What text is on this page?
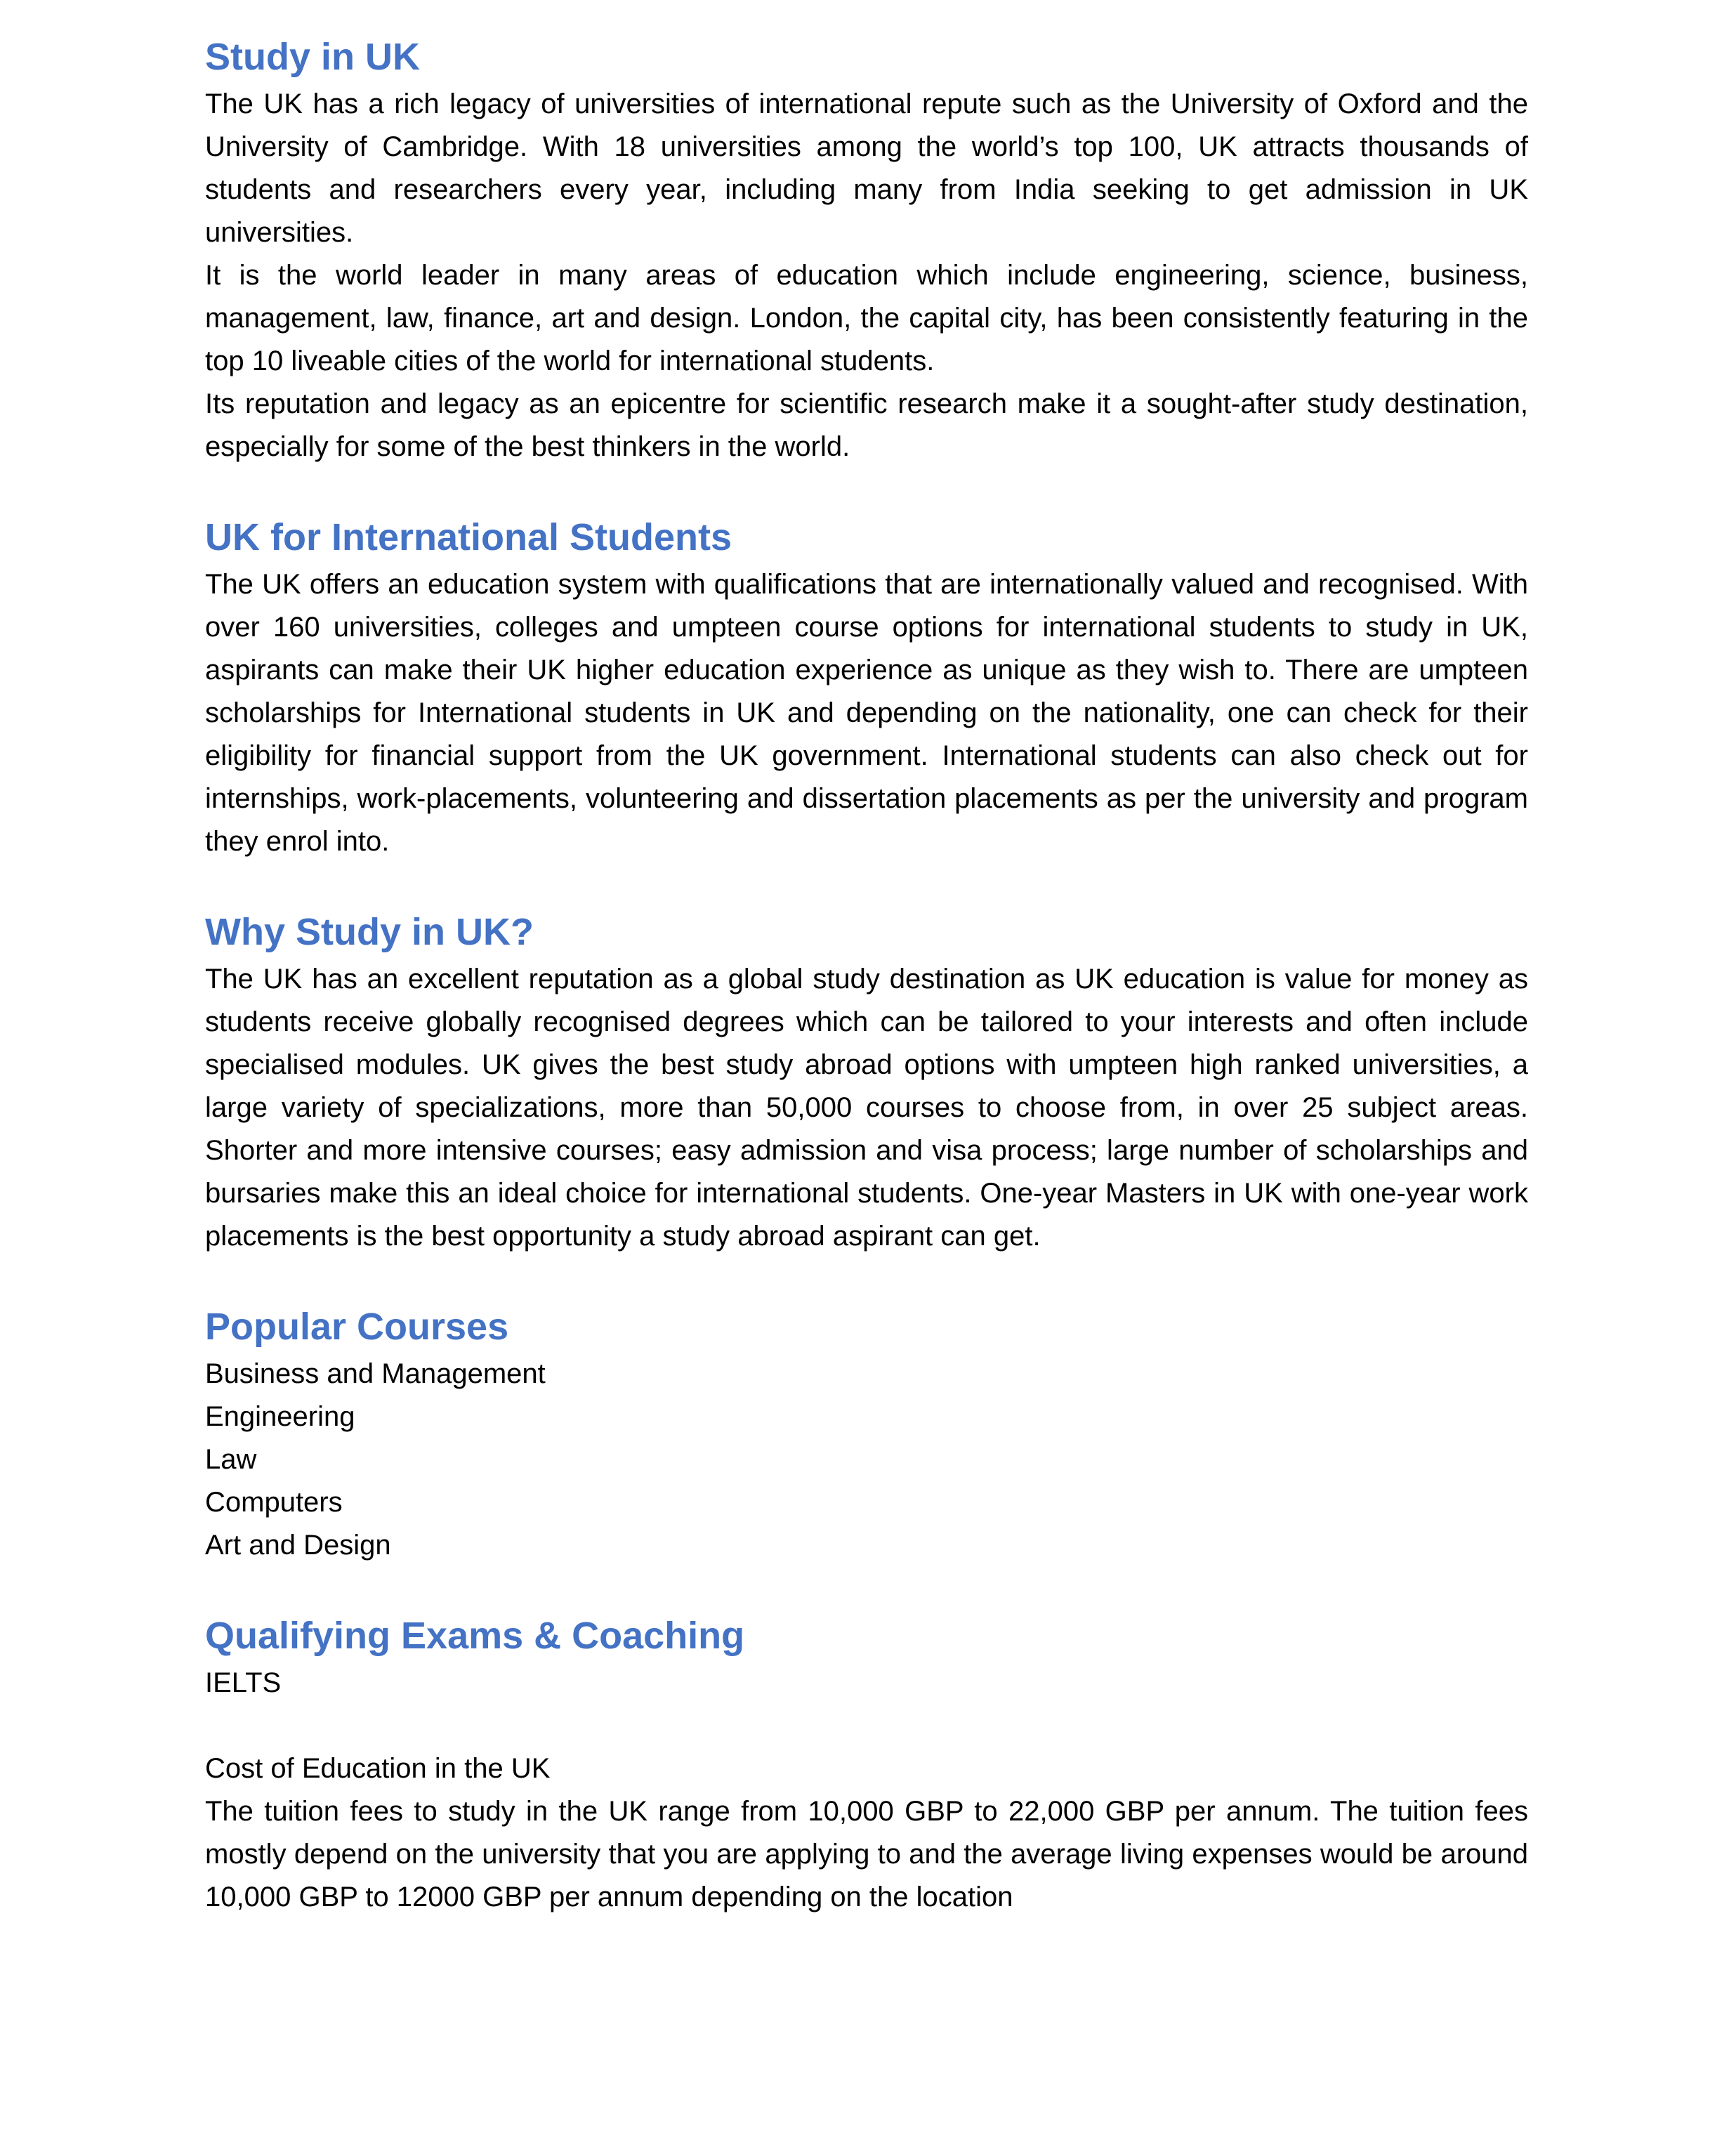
Study in UK

The UK has a rich legacy of universities of international repute such as the University of Oxford and the University of Cambridge. With 18 universities among the world’s top 100, UK attracts thousands of students and researchers every year, including many from India seeking to get admission in UK universities.

It is the world leader in many areas of education which include engineering, science, business, management, law, finance, art and design. London, the capital city, has been consistently featuring in the top 10 liveable cities of the world for international students.

Its reputation and legacy as an epicentre for scientific research make it a sought-after study destination, especially for some of the best thinkers in the world.

UK for International Students

The UK offers an education system with qualifications that are internationally valued and recognised. With over 160 universities, colleges and umpteen course options for international students to study in UK, aspirants can make their UK higher education experience as unique as they wish to. There are umpteen scholarships for International students in UK and depending on the nationality, one can check for their eligibility for financial support from the UK government. International students can also check out for internships, work-placements, volunteering and dissertation placements as per the university and program they enrol into.

Why Study in UK?

The UK has an excellent reputation as a global study destination as UK education is value for money as students receive globally recognised degrees which can be tailored to your interests and often include specialised modules. UK gives the best study abroad options with umpteen high ranked universities, a large variety of specializations, more than 50,000 courses to choose from, in over 25 subject areas. Shorter and more intensive courses; easy admission and visa process; large number of scholarships and bursaries make this an ideal choice for international students. One-year Masters in UK with one-year work placements is the best opportunity a study abroad aspirant can get.

Popular Courses

Business and Management

Engineering

Law

Computers

Art and Design

Qualifying Exams & Coaching

IELTS

Cost of Education in the UK

The tuition fees to study in the UK range from 10,000 GBP to 22,000 GBP per annum. The tuition fees mostly depend on the university that you are applying to and the average living expenses would be around 10,000 GBP to 12000 GBP per annum depending on the location
